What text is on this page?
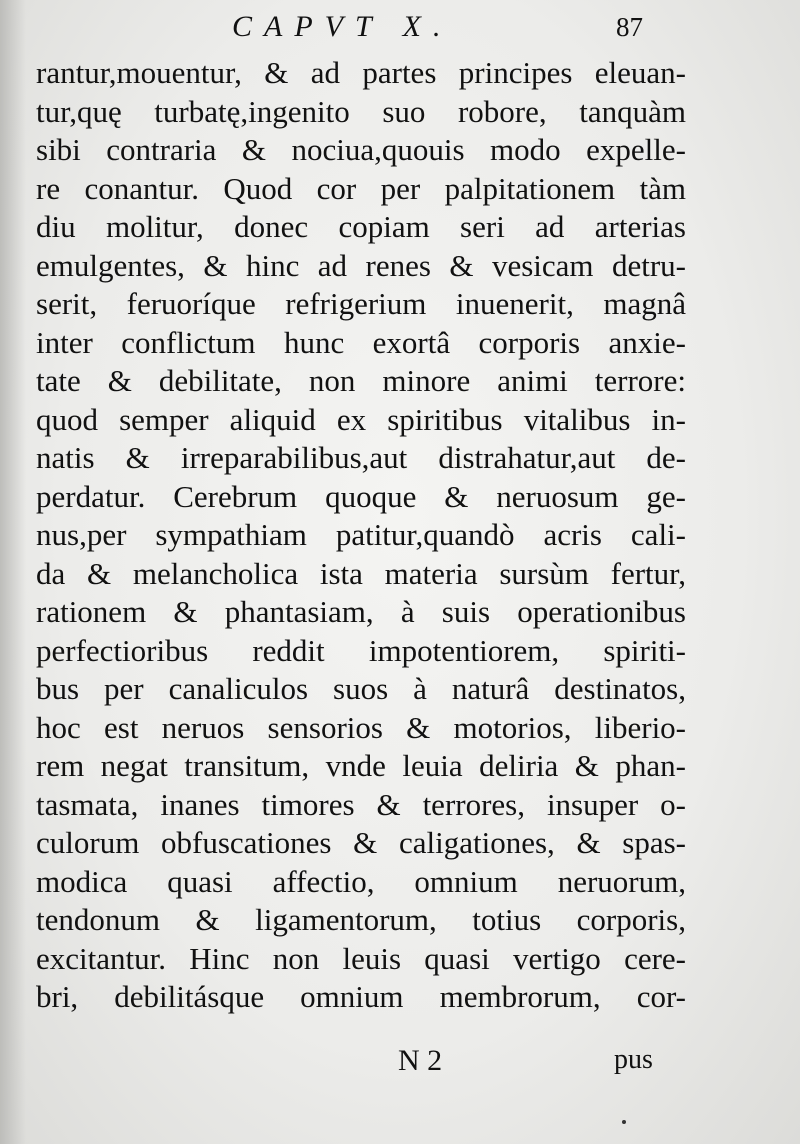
CAPVT X.	87
rantur,mouentur, & ad partes principes eleuan-
tur,quę turbatę,ingenito suo robore, tanquàm
sibi contraria & nociua,quouis modo expelle-
re conantur. Quod cor per palpitationem tàm
diu molitur, donec copiam seri ad arterias
emulgentes, & hinc ad renes & vesicam detru-
serit, feruoríque refrigerium inuenerit, magnâ
inter conflictum hunc exortâ corporis anxie-
tate & debilitate, non minore animi terrore:
quod semper aliquid ex spiritibus vitalibus in-
natis & irreparabilibus,aut distrahatur,aut de-
perdatur. Cerebrum quoque & neruosum ge-
nus,per sympathiam patitur,quandò acris cali-
da & melancholica ista materia sursùm fertur,
rationem & phantasiam, à suis operationibus
perfectioribus reddit impotentiorem, spiriti-
bus per canaliculos suos à naturâ destinatos,
hoc est neruos sensorios & motorios, liberio-
rem negat transitum, vnde leuia deliria & phan-
tasmata, inanes timores & terrores, insuper o-
culorum obfuscationes & caligationes, & spas-
modica quasi affectio, omnium neruorum,
tendonum & ligamentorum, totius corporis,
excitantur. Hinc non leuis quasi vertigo cere-
bri, debilitásque omnium membrorum, cor-
N 2	pus
